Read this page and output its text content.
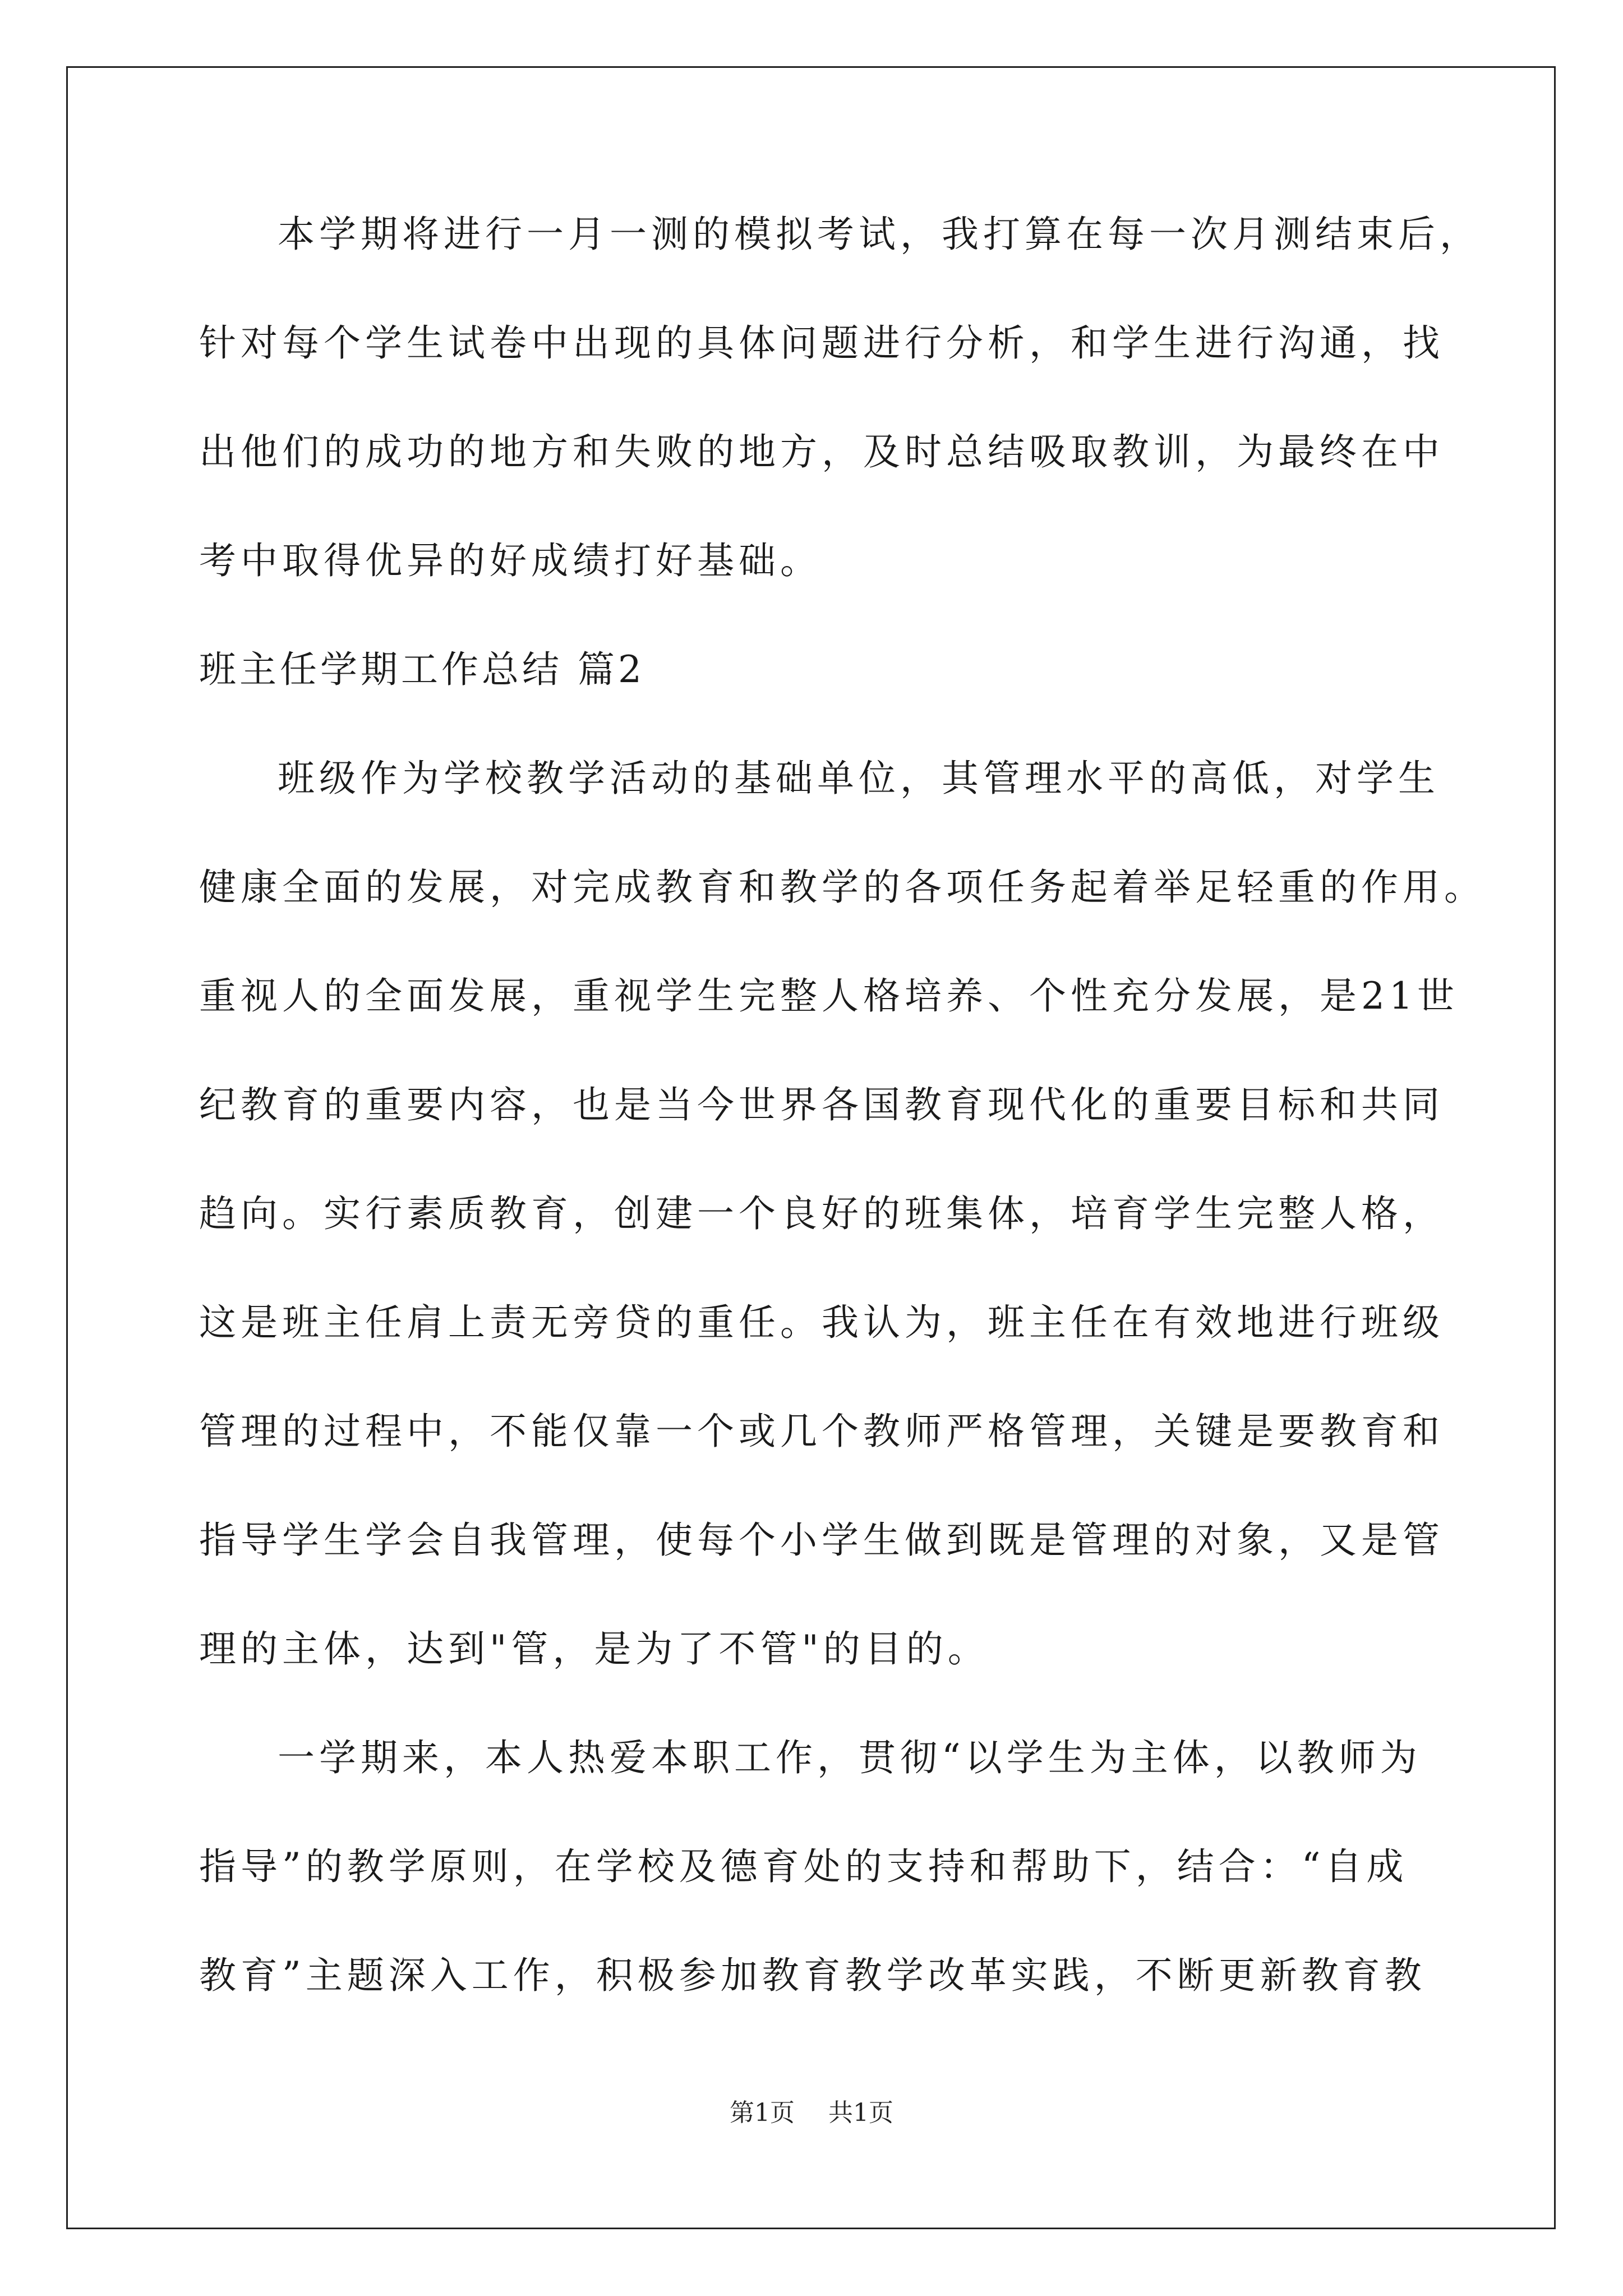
本学期将进行一月一测的模拟考试，我打算在每一次月测结束后，
针对每个学生试卷中出现的具体问题进行分析，和学生进行沟通，找
出他们的成功的地方和失败的地方，及时总结吸取教训，为最终在中
考中取得优异的好成绩打好基础。
班主任学期工作总结 篇2
班级作为学校教学活动的基础单位，其管理水平的高低，对学生
健康全面的发展，对完成教育和教学的各项任务起着举足轻重的作用。
重视人的全面发展，重视学生完整人格培养、个性充分发展，是21世
纪教育的重要内容，也是当今世界各国教育现代化的重要目标和共同
趋向。实行素质教育，创建一个良好的班集体，培育学生完整人格，
这是班主任肩上责无旁贷的重任。我认为，班主任在有效地进行班级
管理的过程中，不能仅靠一个或几个教师严格管理，关键是要教育和
指导学生学会自我管理，使每个小学生做到既是管理的对象，又是管
理的主体，达到"管，是为了不管"的目的。
一学期来，本人热爱本职工作，贯彻“以学生为主体，以教师为
指导”的教学原则，在学校及德育处的支持和帮助下，结合：“自成
教育”主题深入工作，积极参加教育教学改革实践，不断更新教育教
第1页 共1页
